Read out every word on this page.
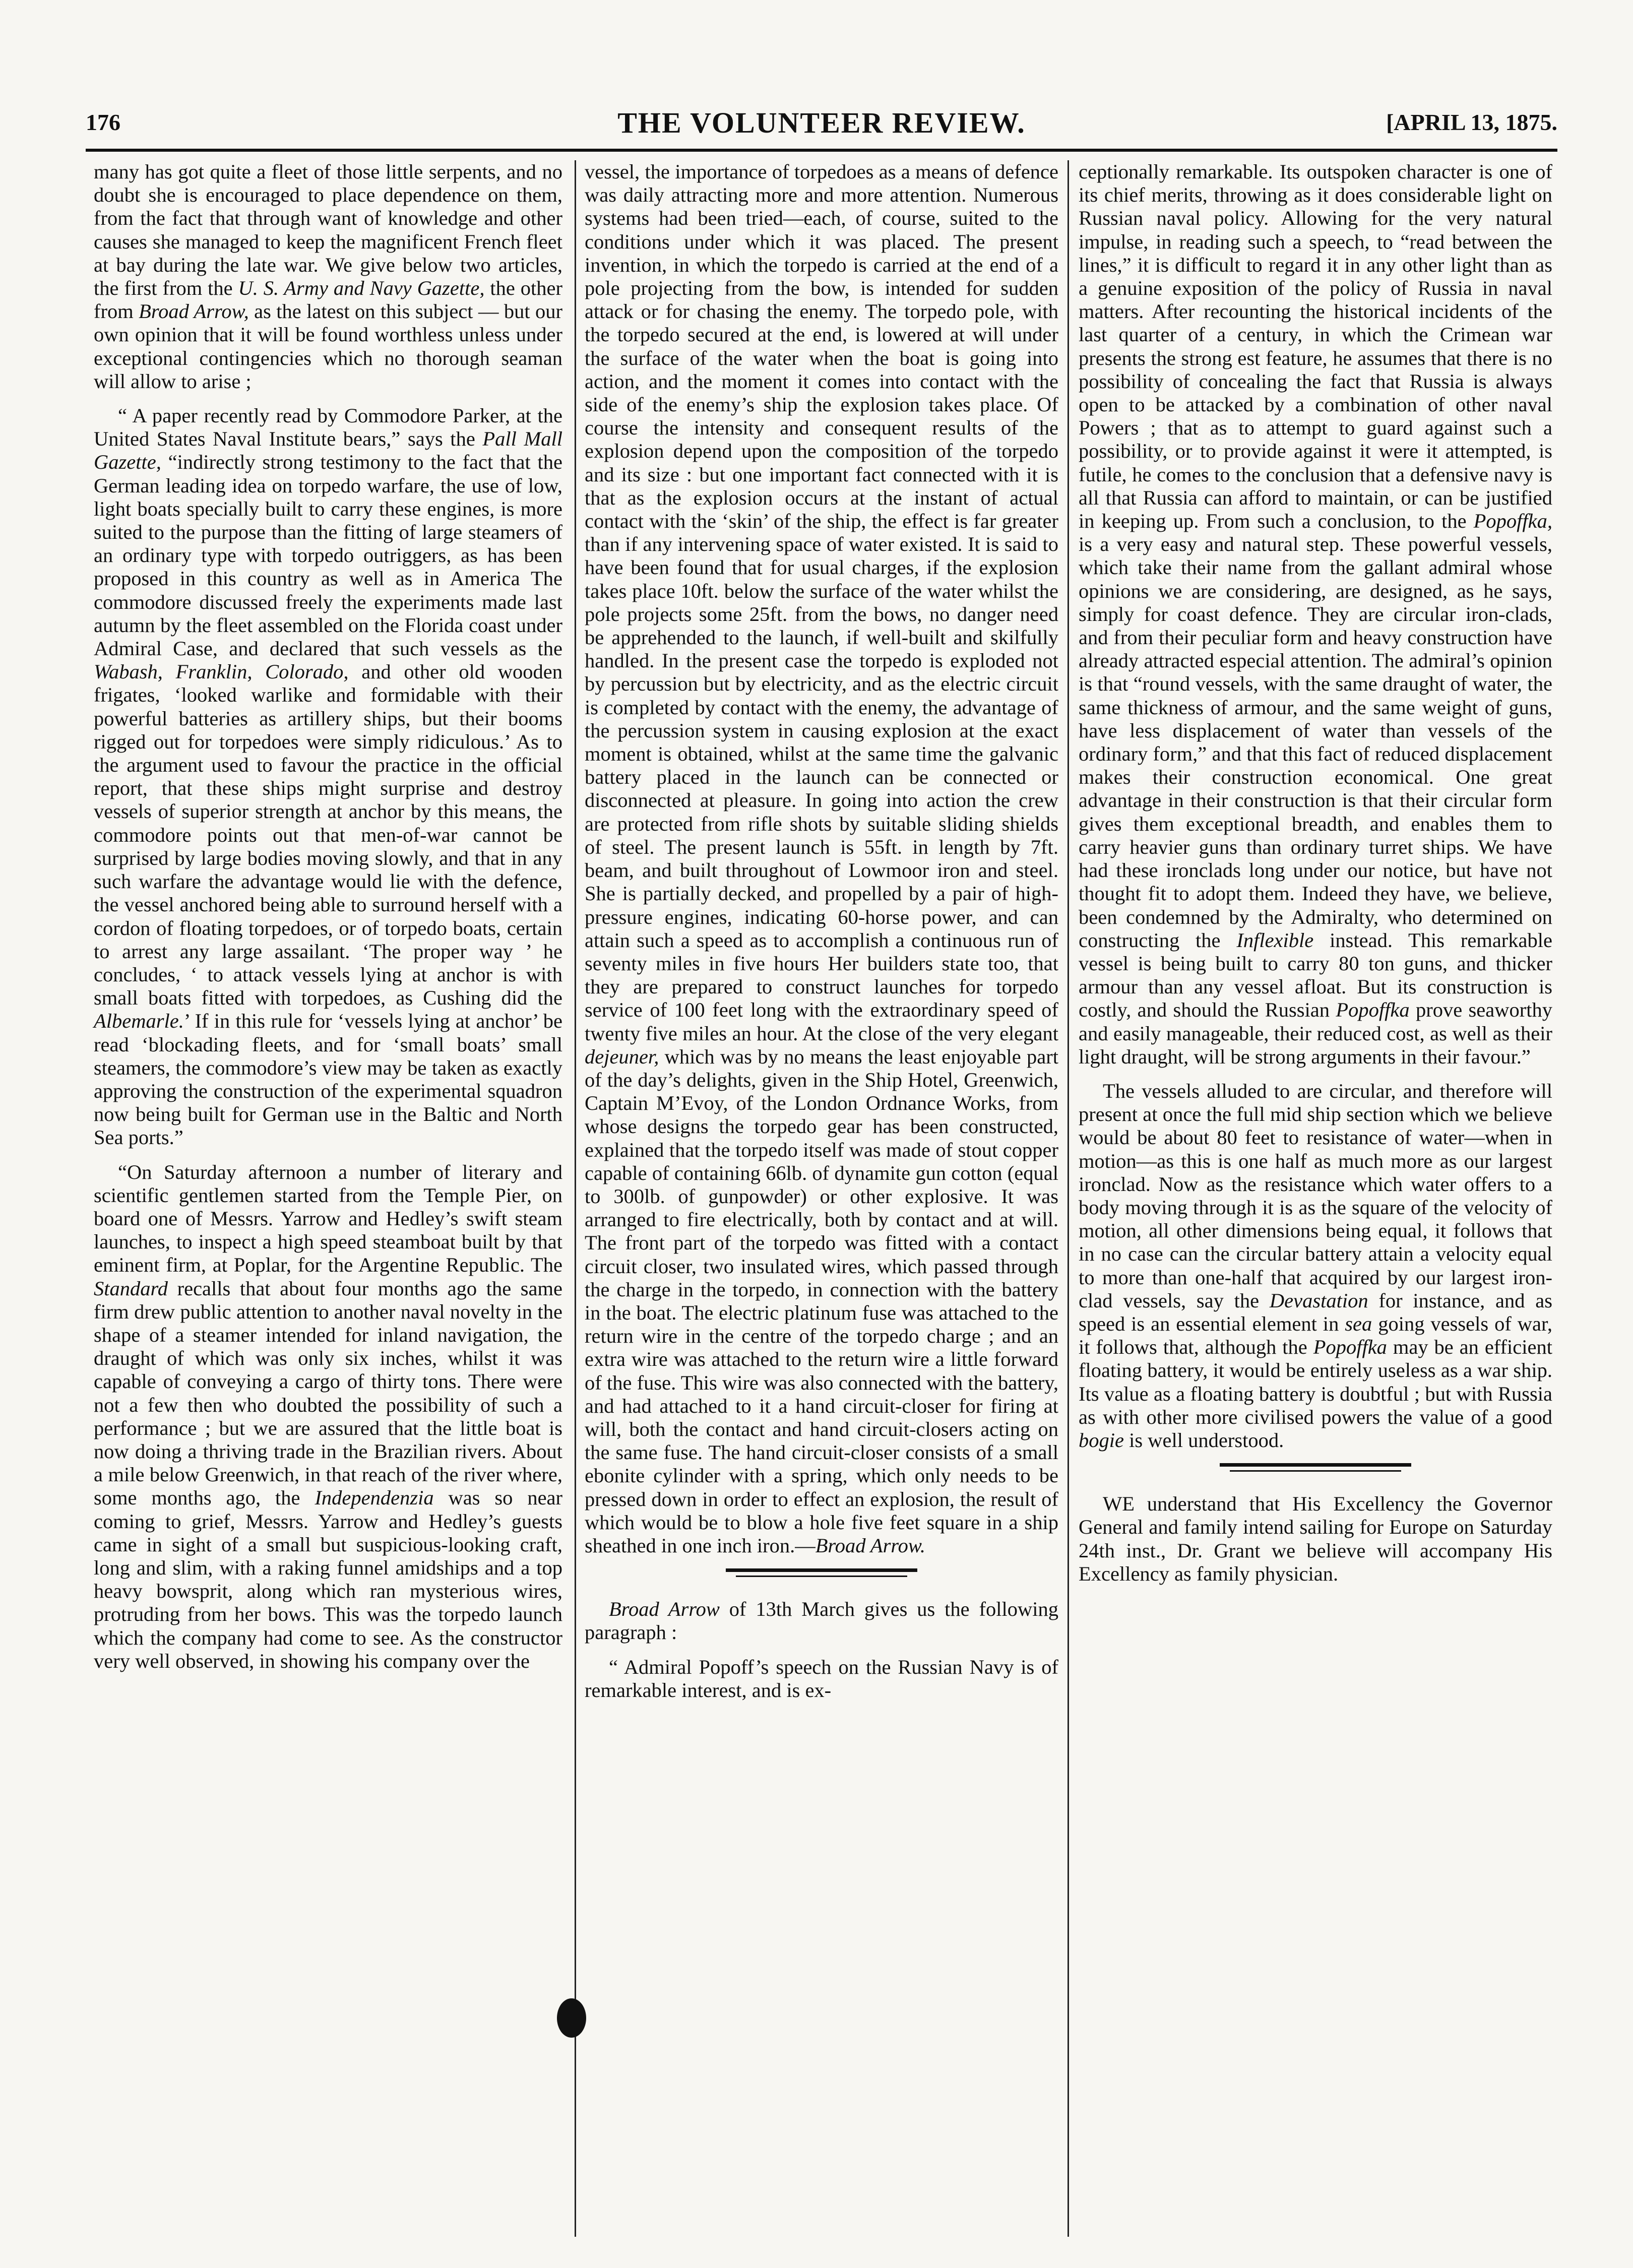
176	THE VOLUNTEER REVIEW.	[APRIL 13, 1875.

many has got quite a fleet of those little serpents, and no doubt she is encouraged to place dependence on them, from the fact that through want of knowledge and other causes she managed to keep the magnificent French fleet at bay during the late war. We give below two articles, the first from the U. S. Army and Navy Gazette, the other from Broad Arrow, as the latest on this subject — but our own opinion that it will be found worthless unless under exceptional contingencies which no thorough seaman will allow to arise ;

“ A paper recently read by Commodore Parker, at the United States Naval Institute bears,” says the Pall Mall Gazette, “indirectly strong testimony to the fact that the German leading idea on torpedo warfare, the use of low, light boats specially built to carry these engines, is more suited to the purpose than the fitting of large steamers of an ordinary type with torpedo outriggers, as has been proposed in this country as well as in America The commodore discussed freely the experiments made last autumn by the fleet assembled on the Florida coast under Admiral Case, and declared that such vessels as the Wabash, Franklin, Colorado, and other old wooden frigates, ‘looked warlike and formidable with their powerful batteries as artillery ships, but their booms rigged out for torpedoes were simply ridiculous.’ As to the argument used to favour the practice in the official report, that these ships might surprise and destroy vessels of superior strength at anchor by this means, the commodore points out that men-of-war cannot be surprised by large bodies moving slowly, and that in any such warfare the advantage would lie with the defence, the vessel anchored being able to surround herself with a cordon of floating torpedoes, or of torpedo boats, certain to arrest any large assailant. ‘The proper way ’ he concludes, ‘ to attack vessels lying at anchor is with small boats fitted with torpedoes, as Cushing did the Albemarle.’ If in this rule for ‘vessels lying at anchor’ be read ‘blockading fleets, and for ‘small boats’ small steamers, the commodore’s view may be taken as exactly approving the construction of the experimental squadron now being built for German use in the Baltic and North Sea ports.”

“On Saturday afternoon a number of literary and scientific gentlemen started from the Temple Pier, on board one of Messrs. Yarrow and Hedley’s swift steam launches, to inspect a high speed steamboat built by that eminent firm, at Poplar, for the Argentine Republic. The Standard recalls that about four months ago the same firm drew public attention to another naval novelty in the shape of a steamer intended for inland navigation, the draught of which was only six inches, whilst it was capable of conveying a cargo of thirty tons. There were not a few then who doubted the possibility of such a performance ; but we are assured that the little boat is now doing a thriving trade in the Brazilian rivers. About a mile below Greenwich, in that reach of the river where, some months ago, the Independenzia was so near coming to grief, Messrs. Yarrow and Hedley’s guests came in sight of a small but suspicious-looking craft, long and slim, with a raking funnel amidships and a top heavy bowsprit, along which ran mysterious wires, protruding from her bows. This was the torpedo launch which the company had come to see. As the constructor very well observed, in showing his company over the

vessel, the importance of torpedoes as a means of defence was daily attracting more and more attention. Numerous systems had been tried—each, of course, suited to the conditions under which it was placed. The present invention, in which the torpedo is carried at the end of a pole projecting from the bow, is intended for sudden attack or for chasing the enemy. The torpedo pole, with the torpedo secured at the end, is lowered at will under the surface of the water when the boat is going into action, and the moment it comes into contact with the side of the enemy’s ship the explosion takes place. Of course the intensity and consequent results of the explosion depend upon the composition of the torpedo and its size : but one important fact connected with it is that as the explosion occurs at the instant of actual contact with the ‘skin’ of the ship, the effect is far greater than if any intervening space of water existed. It is said to have been found that for usual charges, if the explosion takes place 10ft. below the surface of the water whilst the pole projects some 25ft. from the bows, no danger need be apprehended to the launch, if well-built and skilfully handled. In the present case the torpedo is exploded not by percussion but by electricity, and as the electric circuit is completed by contact with the enemy, the advantage of the percussion system in causing explosion at the exact moment is obtained, whilst at the same time the galvanic battery placed in the launch can be connected or disconnected at pleasure. In going into action the crew are protected from rifle shots by suitable sliding shields of steel. The present launch is 55ft. in length by 7ft. beam, and built throughout of Lowmoor iron and steel. She is partially decked, and propelled by a pair of high-pressure engines, indicating 60-horse power, and can attain such a speed as to accomplish a continuous run of seventy miles in five hours Her builders state too, that they are prepared to construct launches for torpedo service of 100 feet long with the extraordinary speed of twenty five miles an hour. At the close of the very elegant dejeuner, which was by no means the least enjoyable part of the day’s delights, given in the Ship Hotel, Greenwich, Captain M’Evoy, of the London Ordnance Works, from whose designs the torpedo gear has been constructed, explained that the torpedo itself was made of stout copper capable of containing 66lb. of dynamite gun cotton (equal to 300lb. of gunpowder) or other explosive. It was arranged to fire electrically, both by contact and at will. The front part of the torpedo was fitted with a contact circuit closer, two insulated wires, which passed through the charge in the torpedo, in connection with the battery in the boat. The electric platinum fuse was attached to the return wire in the centre of the torpedo charge ; and an extra wire was attached to the return wire a little forward of the fuse. This wire was also connected with the battery, and had attached to it a hand circuit-closer for firing at will, both the contact and hand circuit-closers acting on the same fuse. The hand circuit-closer consists of a small ebonite cylinder with a spring, which only needs to be pressed down in order to effect an explosion, the result of which would be to blow a hole five feet square in a ship sheathed in one inch iron.—Broad Arrow.

Broad Arrow of 13th March gives us the following paragraph :

“ Admiral Popoff’s speech on the Russian Navy is of remarkable interest, and is ex-

ceptionally remarkable. Its outspoken character is one of its chief merits, throwing as it does considerable light on Russian naval policy. Allowing for the very natural impulse, in reading such a speech, to “read between the lines,” it is difficult to regard it in any other light than as a genuine exposition of the policy of Russia in naval matters. After recounting the historical incidents of the last quarter of a century, in which the Crimean war presents the strong est feature, he assumes that there is no possibility of concealing the fact that Russia is always open to be attacked by a combination of other naval Powers ; that as to attempt to guard against such a possibility, or to provide against it were it attempted, is futile, he comes to the conclusion that a defensive navy is all that Russia can afford to maintain, or can be justified in keeping up. From such a conclusion, to the Popoffka, is a very easy and natural step. These powerful vessels, which take their name from the gallant admiral whose opinions we are considering, are designed, as he says, simply for coast defence. They are circular iron-clads, and from their peculiar form and heavy construction have already attracted especial attention. The admiral’s opinion is that “round vessels, with the same draught of water, the same thickness of armour, and the same weight of guns, have less displacement of water than vessels of the ordinary form,” and that this fact of reduced displacement makes their construction economical. One great advantage in their construction is that their circular form gives them exceptional breadth, and enables them to carry heavier guns than ordinary turret ships. We have had these ironclads long under our notice, but have not thought fit to adopt them. Indeed they have, we believe, been condemned by the Admiralty, who determined on constructing the Inflexible instead. This remarkable vessel is being built to carry 80 ton guns, and thicker armour than any vessel afloat. But its construction is costly, and should the Russian Popoffka prove seaworthy and easily manageable, their reduced cost, as well as their light draught, will be strong arguments in their favour.”

The vessels alluded to are circular, and therefore will present at once the full mid ship section which we believe would be about 80 feet to resistance of water—when in motion—as this is one half as much more as our largest ironclad. Now as the resistance which water offers to a body moving through it is as the square of the velocity of motion, all other dimensions being equal, it follows that in no case can the circular battery attain a velocity equal to more than one-half that acquired by our largest iron-clad vessels, say the Devastation for instance, and as speed is an essential element in sea going vessels of war, it follows that, although the Popoffka may be an efficient floating battery, it would be entirely useless as a war ship. Its value as a floating battery is doubtful ; but with Russia as with other more civilised powers the value of a good bogie is well understood.

WE understand that His Excellency the Governor General and family intend sailing for Europe on Saturday 24th inst., Dr. Grant we believe will accompany His Excellency as family physician.
